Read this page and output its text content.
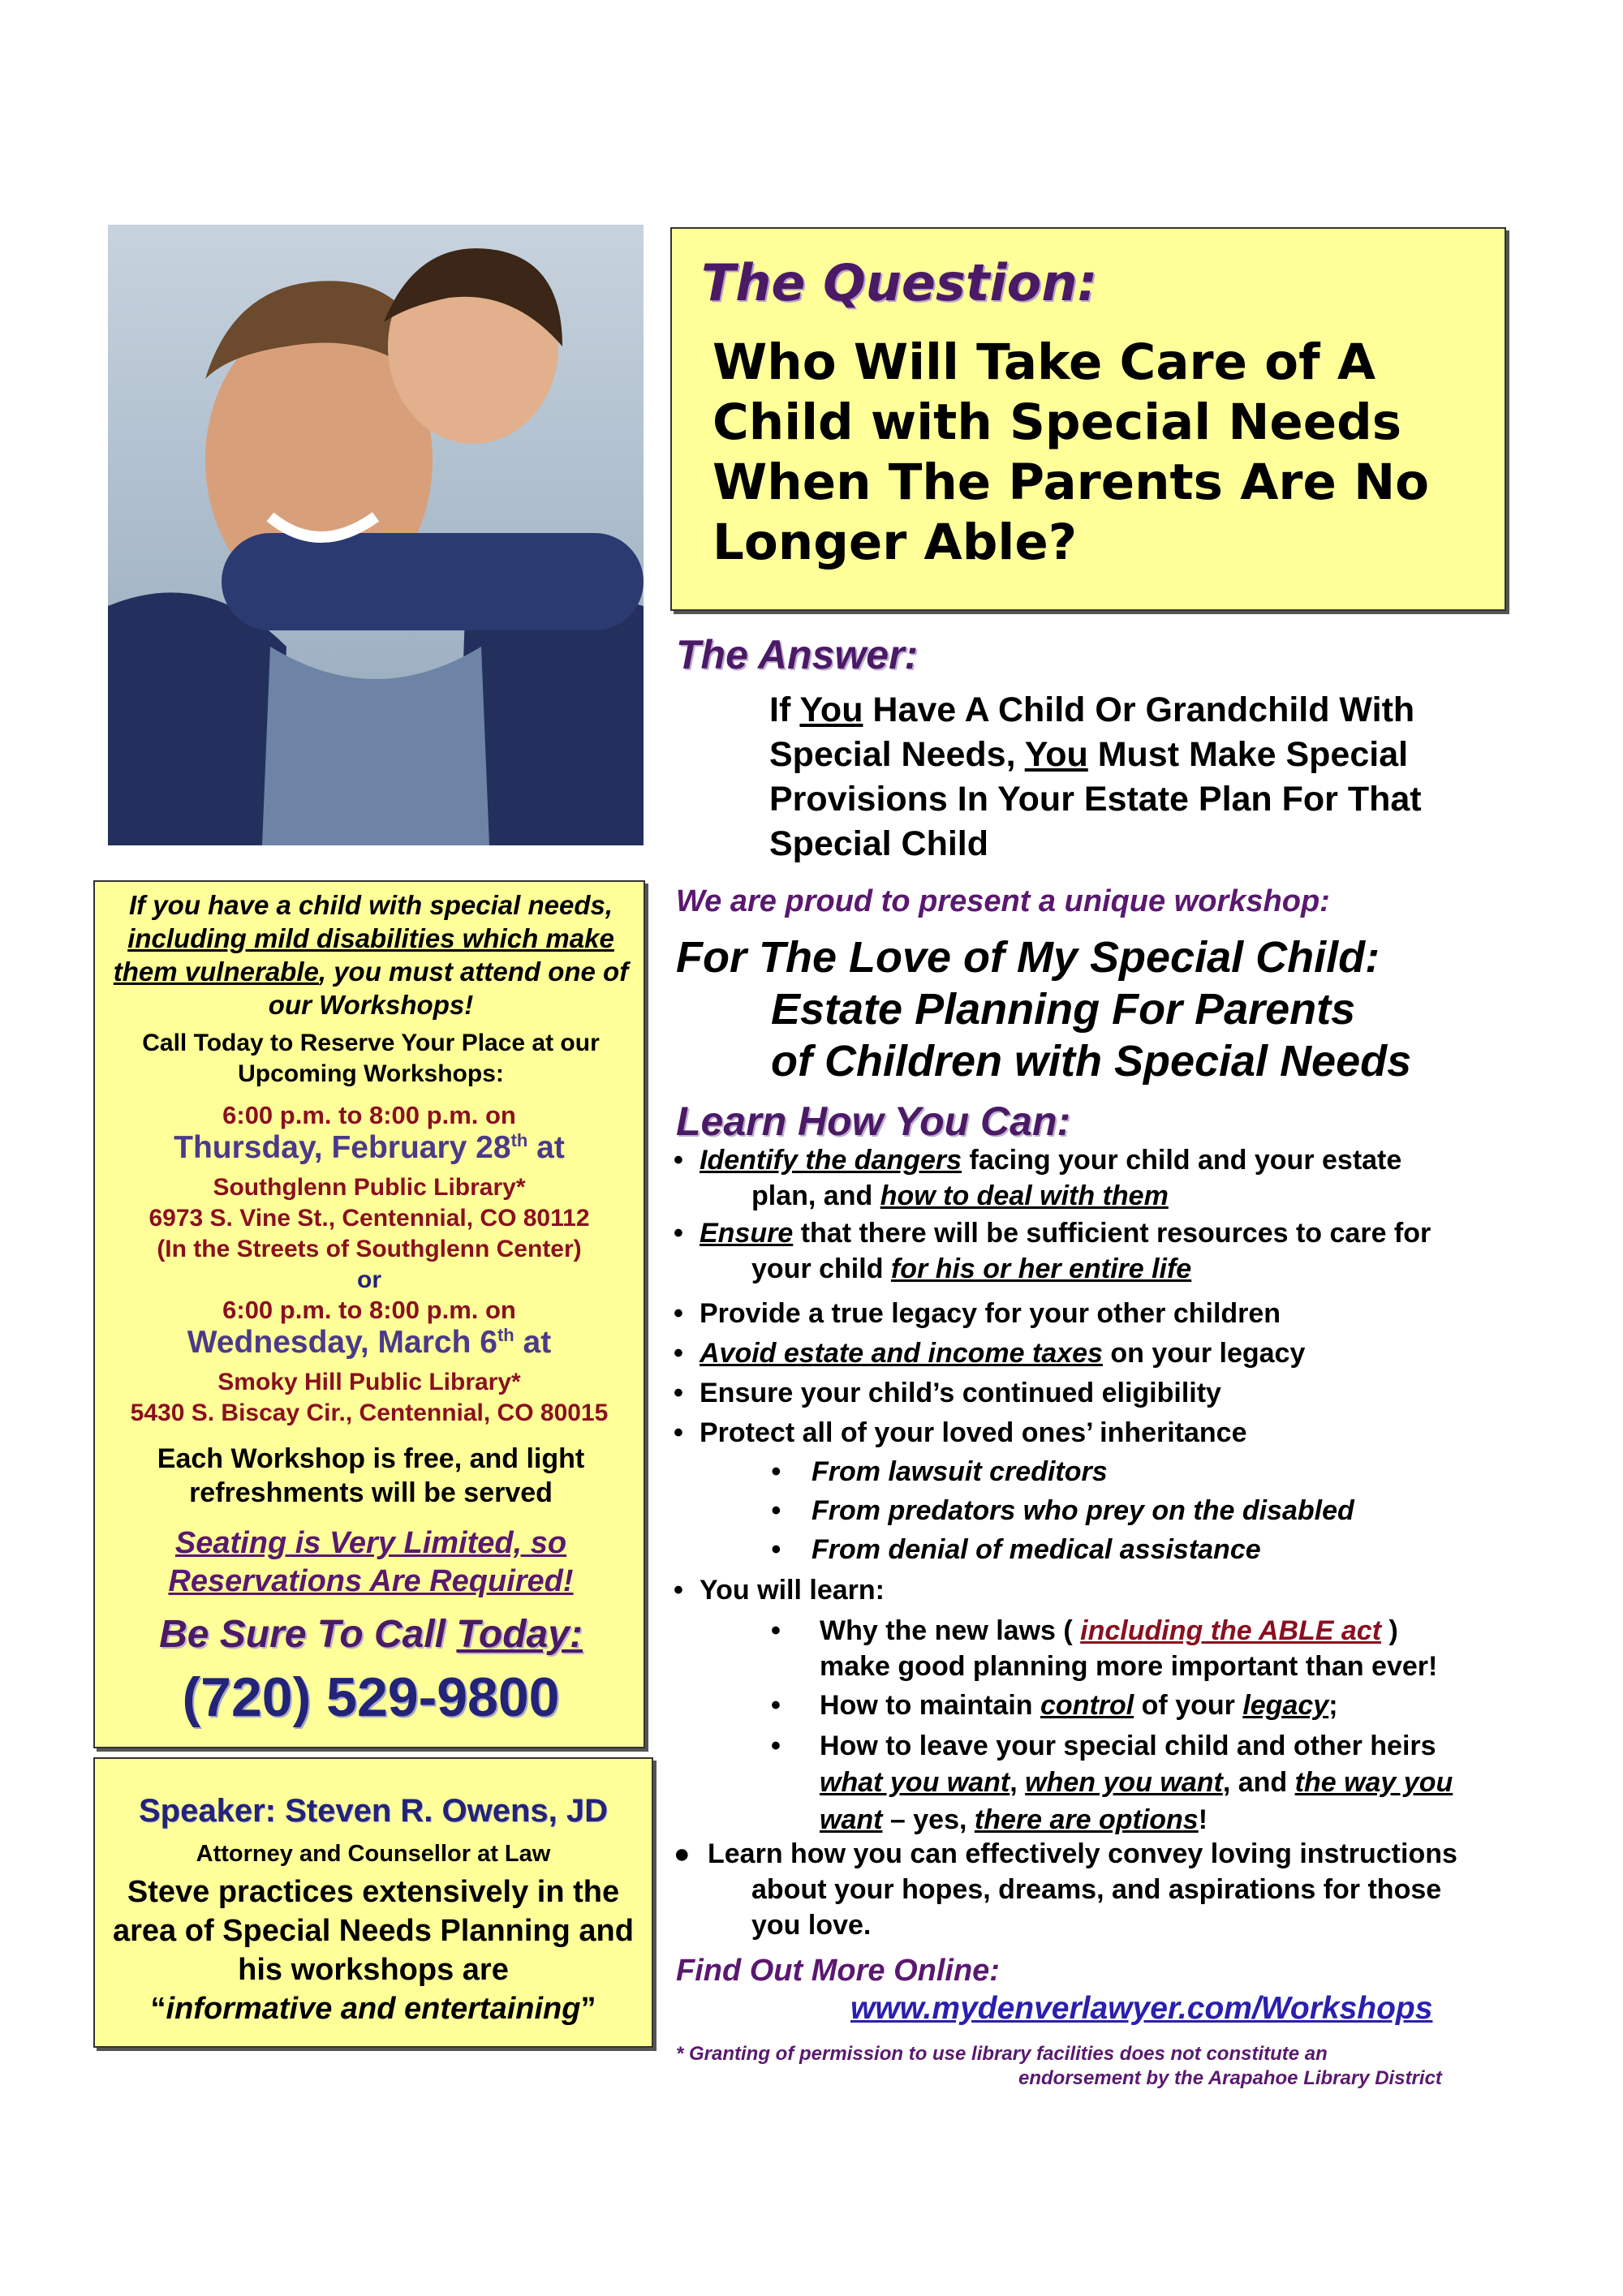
The Question:
Who Will Take Care of A Child with Special Needs When The Parents Are No Longer Able?
The Answer:
If You Have A Child Or Grandchild With Special Needs, You Must Make Special Provisions In Your Estate Plan For That Special Child
We are proud to present a unique workshop:
For The Love of My Special Child:
Estate Planning For Parents
of Children with Special Needs
Learn How You Can:
• Identify the dangers facing your child and your estate
plan, and how to deal with them
• Ensure that there will be sufficient resources to care for
your child for his or her entire life
• Provide a true legacy for your other children
• Avoid estate and income taxes on your legacy
• Ensure your child’s continued eligibility
• Protect all of your loved ones’ inheritance
• From lawsuit creditors
• From predators who prey on the disabled
• From denial of medical assistance
• You will learn:
• Why the new laws ( including the ABLE act )
make good planning more important than ever!
• How to maintain control of your legacy;
• How to leave your special child and other heirs
what you want, when you want, and the way you want – yes, there are options!
● Learn how you can effectively convey loving instructions
about your hopes, dreams, and aspirations for those
you love.
Find Out More Online:
www.mydenverlawyer.com/Workshops
* Granting of permission to use library facilities does not constitute an
endorsement by the Arapahoe Library District
If you have a child with special needs, including mild disabilities which make them vulnerable, you must attend one of our Workshops!
Call Today to Reserve Your Place at our Upcoming Workshops:
6:00 p.m. to 8:00 p.m. on
Thursday, February 28th at
Southglenn Public Library*
6973 S. Vine St., Centennial, CO 80112
(In the Streets of Southglenn Center)
or
6:00 p.m. to 8:00 p.m. on
Wednesday, March 6th at
Smoky Hill Public Library*
5430 S. Biscay Cir., Centennial, CO 80015
Each Workshop is free, and light refreshments will be served
Seating is Very Limited, so Reservations Are Required!
Be Sure To Call Today:
(720) 529-9800
Speaker: Steven R. Owens, JD
Attorney and Counsellor at Law
Steve practices extensively in the area of Special Needs Planning and his workshops are
“informative and entertaining”
